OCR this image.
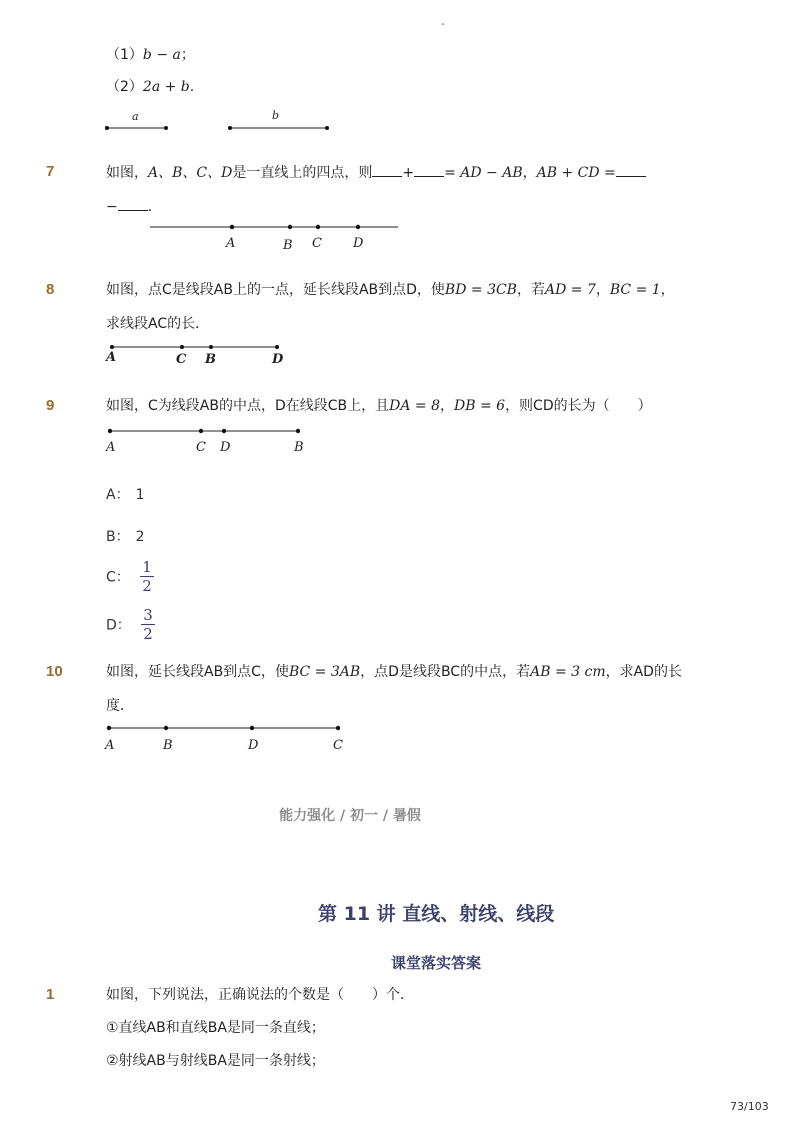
-
（1）b − a；
（2）2a + b.
a	b
7	如图，A、B、C、D是一直线上的四点，则 + = AD − AB，AB + CD =
− .
A	B C D
8	如图，点C是线段AB上的一点，延长线段AB到点D，使BD = 3CB，若AD = 7，BC = 1，
求线段AC的长．
A	C B	D
9	如图，C为线段AB的中点，D在线段CB上，且DA = 8，DB = 6，则CD的长为（　　）
A	C D	B
A： 1
B： 2
C： $\frac{1}{2}$
D： $\frac{3}{2}$
10	如图，延长线段AB到点C，使BC = 3AB，点D是线段BC的中点，若AB = 3 cm，求AD的长
度．
A	B	D	C
能力强化 / 初一 / 暑假
第 11 讲 直线、射线、线段
课堂落实答案
1	如图，下列说法，正确说法的个数是（　　）个．
①直线AB和直线BA是同一条直线；
②射线AB与射线BA是同一条射线；
73/103
